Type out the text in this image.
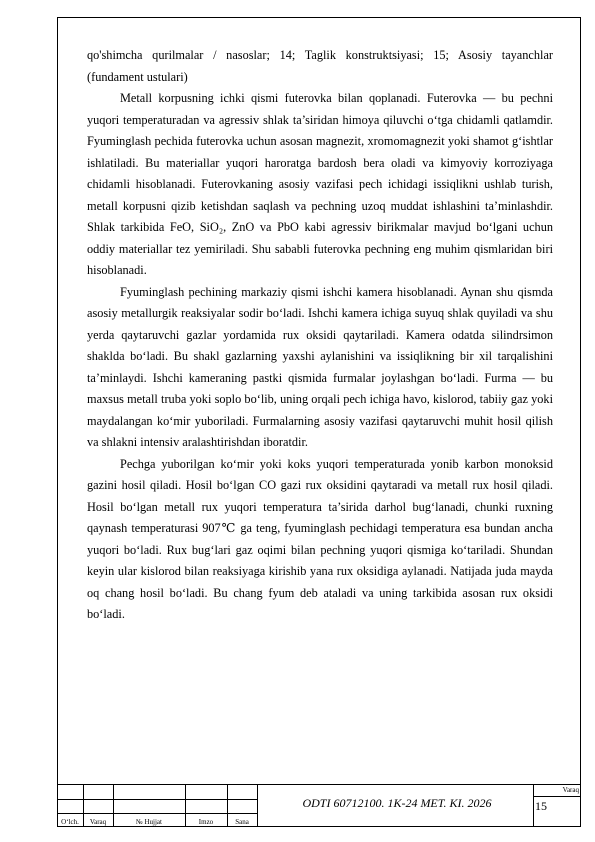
qo'shimcha qurilmalar / nasoslar; 14; Taglik konstruktsiyasi; 15; Asosiy tayanchlar (fundament ustulari)

Metall korpusning ichki qismi futerovka bilan qoplanadi. Futerovka — bu pechni yuqori temperaturadan va agressiv shlak ta’siridan himoya qiluvchi o‘tga chidamli qatlamdir. Fyuminglash pechida futerovka uchun asosan magnezit, xromomagnezit yoki shamot g‘ishtlar ishlatiladi. Bu materiallar yuqori haroratga bardosh bera oladi va kimyoviy korroziyaga chidamli hisoblanadi. Futerovkaning asosiy vazifasi pech ichidagi issiqlikni ushlab turish, metall korpusni qizib ketishdan saqlash va pechning uzoq muddat ishlashini ta’minlashdir. Shlak tarkibida FeO, SiO₂, ZnO va PbO kabi agressiv birikmalar mavjud bo‘lgani uchun oddiy materiallar tez yemiriladi. Shu sababli futerovka pechning eng muhim qismlaridan biri hisoblanadi.

Fyuminglash pechining markaziy qismi ishchi kamera hisoblanadi. Aynan shu qismda asosiy metallurgik reaksiyalar sodir bo‘ladi. Ishchi kamera ichiga suyuq shlak quyiladi va shu yerda qaytaruvchi gazlar yordamida rux oksidi qaytariladi. Kamera odatda silindrsimon shaklda bo‘ladi. Bu shakl gazlarning yaxshi aylanishini va issiqlikning bir xil tarqalishini ta’minlaydi. Ishchi kameraning pastki qismida furmalar joylashgan bo‘ladi. Furma — bu maxsus metall truba yoki soplo bo‘lib, uning orqali pech ichiga havo, kislorod, tabiiy gaz yoki maydalangan ko‘mir yuboriladi. Furmalarning asosiy vazifasi qaytaruvchi muhit hosil qilish va shlakni intensiv aralashtirishdan iboratdir.

Pechga yuborilgan ko‘mir yoki koks yuqori temperaturada yonib karbon monoksid gazini hosil qiladi. Hosil bo‘lgan CO gazi rux oksidini qaytaradi va metall rux hosil qiladi. Hosil bo‘lgan metall rux yuqori temperatura ta’sirida darhol bug‘lanadi, chunki ruxning qaynash temperaturasi 907℃ ga teng, fyuminglash pechidagi temperatura esa bundan ancha yuqori bo‘ladi. Rux bug‘lari gaz oqimi bilan pechning yuqori qismiga ko‘tariladi. Shundan keyin ular kislorod bilan reaksiyaga kirishib yana rux oksidiga aylanadi. Natijada juda mayda oq chang hosil bo‘ladi. Bu chang fyum deb ataladi va uning tarkibida asosan rux oksidi bo‘ladi.

O‘lch.	Varaq	№ Hujjat	Imzo	Sana
ODTI 60712100. 1K-24 MET. KI. 2026
Varaq
15
